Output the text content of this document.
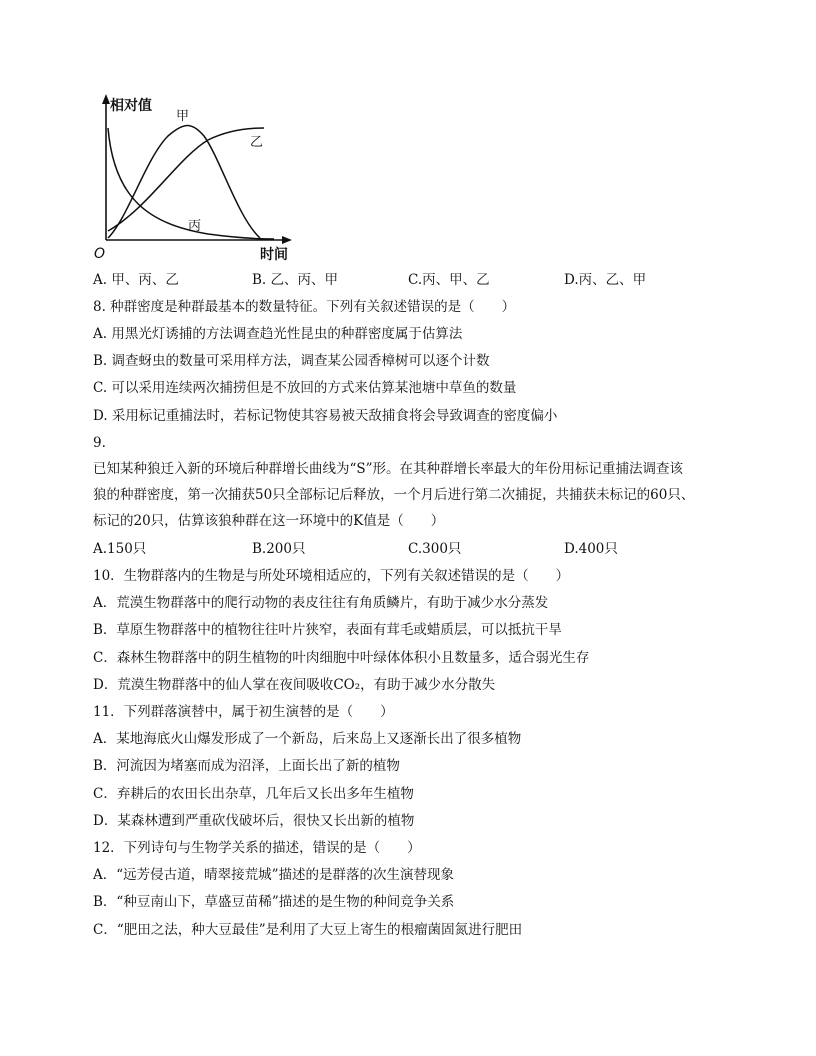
相对值
时间
O
甲
乙
丙
A. 甲、丙、乙	B. 乙、丙、甲	C.丙、甲、乙	D.丙、乙、甲
8. 种群密度是种群最基本的数量特征。下列有关叙述错误的是（　　）
A. 用黑光灯诱捕的方法调查趋光性昆虫的种群密度属于估算法
B. 调查蚜虫的数量可采用样方法，调查某公园香樟树可以逐个计数
C. 可以采用连续两次捕捞但是不放回的方式来估算某池塘中草鱼的数量
D. 采用标记重捕法时，若标记物使其容易被天敌捕食将会导致调查的密度偏小
9.
已知某种狼迁入新的环境后种群增长曲线为“S”形。在其种群增长率最大的年份用标记重捕法调查该
狼的种群密度，第一次捕获50只全部标记后释放，一个月后进行第二次捕捉，共捕获未标记的60只、
标记的20只，估算该狼种群在这一环境中的K值是（　　）
A.150只	B.200只	C.300只	D.400只
10．生物群落内的生物是与所处环境相适应的，下列有关叙述错误的是（　　）
A．荒漠生物群落中的爬行动物的表皮往往有角质鳞片，有助于减少水分蒸发
B．草原生物群落中的植物往往叶片狭窄，表面有茸毛或蜡质层，可以抵抗干旱
C．森林生物群落中的阴生植物的叶肉细胞中叶绿体体积小且数量多，适合弱光生存
D．荒漠生物群落中的仙人掌在夜间吸收CO₂，有助于减少水分散失
11．下列群落演替中，属于初生演替的是（　　）
A．某地海底火山爆发形成了一个新岛，后来岛上又逐渐长出了很多植物
B．河流因为堵塞而成为沼泽，上面长出了新的植物
C．弃耕后的农田长出杂草，几年后又长出多年生植物
D．某森林遭到严重砍伐破坏后，很快又长出新的植物
12．下列诗句与生物学关系的描述，错误的是（　　）
A．“远芳侵古道，晴翠接荒城”描述的是群落的次生演替现象
B．“种豆南山下，草盛豆苗稀”描述的是生物的种间竞争关系
C．“肥田之法，种大豆最佳”是利用了大豆上寄生的根瘤菌固氮进行肥田
